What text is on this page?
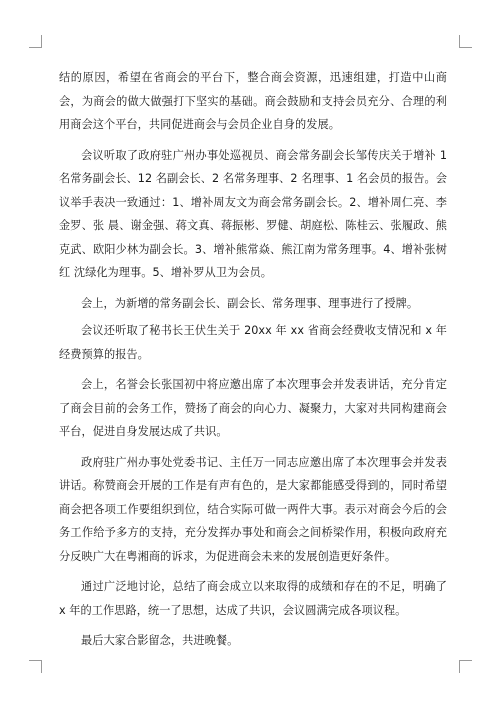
结的原因，希望在省商会的平台下，整合商会资源，迅速组建，打造中山商会，为商会的做大做强打下坚实的基础。商会鼓励和支持会员充分、合理的利用商会这个平台，共同促进商会与会员企业自身的发展。

会议听取了政府驻广州办事处巡视员、商会常务副会长邹传庆关于增补 1 名常务副会长、12 名副会长、2 名常务理事、2 名理事、1 名会员的报告。会议举手表决一致通过：1、增补周友文为商会常务副会长。2、增补周仁亮、李金罗、张 晨、谢金强、蒋文真、蒋振彬、罗健、胡庭松、陈桂云、张履政、熊克武、欧阳少林为副会长。3、增补熊常焱、熊江南为常务理事。4、增补张树红 沈绿化为理事。5、增补罗从卫为会员。

会上，为新增的常务副会长、副会长、常务理事、理事进行了授牌。

会议还听取了秘书长王伏生关于 20xx 年 xx 省商会经费收支情况和 x 年经费预算的报告。

会上，名誉会长张国初中将应邀出席了本次理事会并发表讲话，充分肯定了商会目前的会务工作，赞扬了商会的向心力、凝聚力，大家对共同构建商会平台，促进自身发展达成了共识。

政府驻广州办事处党委书记、主任万一同志应邀出席了本次理事会并发表讲话。称赞商会开展的工作是有声有色的，是大家都能感受得到的，同时希望商会把各项工作要组织到位，结合实际可做一两件大事。表示对商会今后的会务工作给予多方的支持，充分发挥办事处和商会之间桥梁作用，积极向政府充分反映广大在粤湘商的诉求，为促进商会未来的发展创造更好条件。

通过广泛地讨论，总结了商会成立以来取得的成绩和存在的不足，明确了 x 年的工作思路，统一了思想，达成了共识，会议圆满完成各项议程。

最后大家合影留念，共进晚餐。
